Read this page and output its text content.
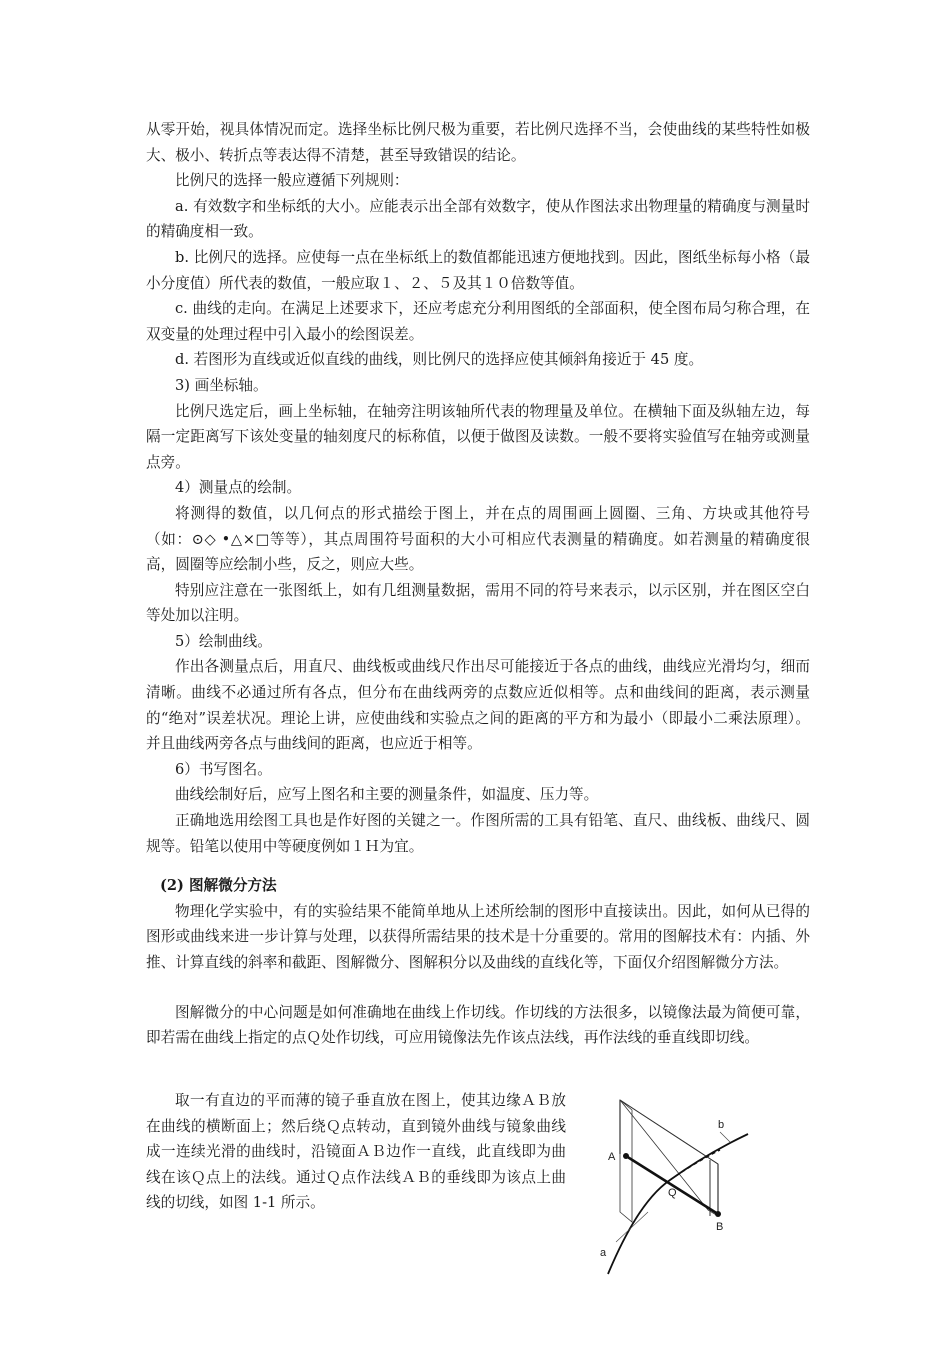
从零开始，视具体情况而定。选择坐标比例尺极为重要，若比例尺选择不当，会使曲线的某些特性如极大、极小、转折点等表达得不清楚，甚至导致错误的结论。

比例尺的选择一般应遵循下列规则：

a. 有效数字和坐标纸的大小。应能表示出全部有效数字，使从作图法求出物理量的精确度与测量时的精确度相一致。

b. 比例尺的选择。应使每一点在坐标纸上的数值都能迅速方便地找到。因此，图纸坐标每小格（最小分度值）所代表的数值，一般应取１、２、５及其１０倍数等值。

c. 曲线的走向。在满足上述要求下，还应考虑充分利用图纸的全部面积，使全图布局匀称合理，在双变量的处理过程中引入最小的绘图误差。

d. 若图形为直线或近似直线的曲线，则比例尺的选择应使其倾斜角接近于 45 度。

3) 画坐标轴。

比例尺选定后，画上坐标轴，在轴旁注明该轴所代表的物理量及单位。在横轴下面及纵轴左边，每隔一定距离写下该处变量的轴刻度尺的标称值，以便于做图及读数。一般不要将实验值写在轴旁或测量点旁。

4）测量点的绘制。

将测得的数值，以几何点的形式描绘于图上，并在点的周围画上圆圈、三角、方块或其他符号（如：⊙◇ •△×□等等），其点周围符号面积的大小可相应代表测量的精确度。如若测量的精确度很高，圆圈等应绘制小些，反之，则应大些。

特别应注意在一张图纸上，如有几组测量数据，需用不同的符号来表示，以示区别，并在图区空白等处加以注明。

5）绘制曲线。

作出各测量点后，用直尺、曲线板或曲线尺作出尽可能接近于各点的曲线，曲线应光滑均匀，细而清晰。曲线不必通过所有各点，但分布在曲线两旁的点数应近似相等。点和曲线间的距离，表示测量的“绝对”误差状况。理论上讲，应使曲线和实验点之间的距离的平方和为最小（即最小二乘法原理）。并且曲线两旁各点与曲线间的距离，也应近于相等。

6）书写图名。

曲线绘制好后，应写上图名和主要的测量条件，如温度、压力等。

正确地选用绘图工具也是作好图的关键之一。作图所需的工具有铅笔、直尺、曲线板、曲线尺、圆规等。铅笔以使用中等硬度例如１Ｈ为宜。

(2) 图解微分方法

物理化学实验中，有的实验结果不能简单地从上述所绘制的图形中直接读出。因此，如何从已得的图形或曲线来进一步计算与处理，以获得所需结果的技术是十分重要的。常用的图解技术有：内插、外推、计算直线的斜率和截距、图解微分、图解积分以及曲线的直线化等，下面仅介绍图解微分方法。

图解微分的中心问题是如何准确地在曲线上作切线。作切线的方法很多，以镜像法最为简便可靠，即若需在曲线上指定的点Ｑ处作切线，可应用镜像法先作该点法线，再作法线的垂直线即切线。

取一有直边的平而薄的镜子垂直放在图上，使其边缘ＡＢ放在曲线的横断面上；然后绕Ｑ点转动，直到镜外曲线与镜象曲线成一连续光滑的曲线时，沿镜面ＡＢ边作一直线，此直线即为曲线在该Ｑ点上的法线。通过Ｑ点作法线ＡＢ的垂线即为该点上曲线的切线，如图 1-1 所示。

A
B
Q
a
b
